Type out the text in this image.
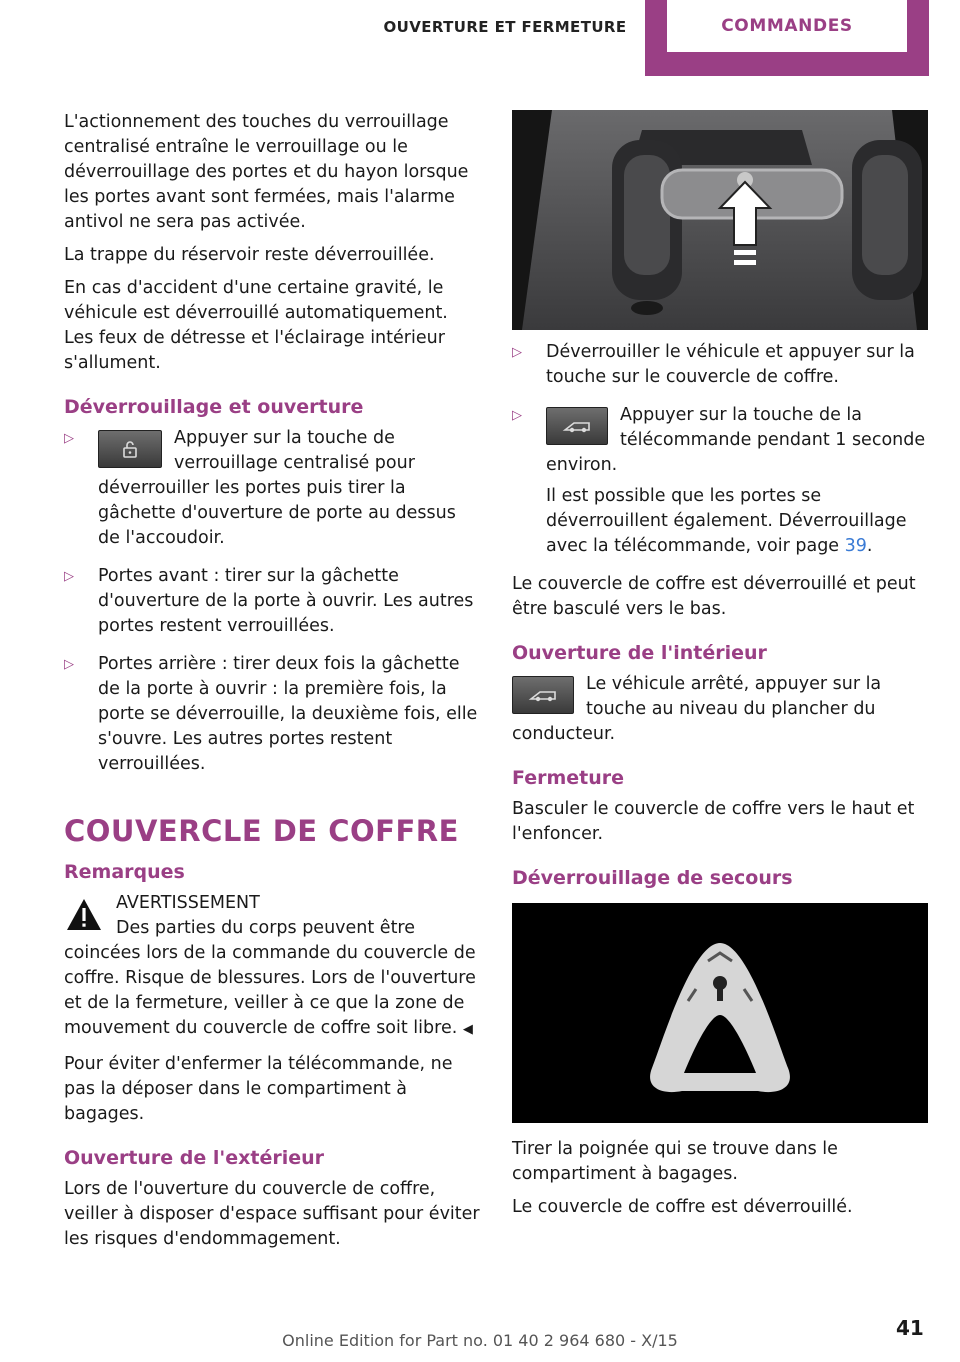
OUVERTURE ET FERMETURE	COMMANDES

L'actionnement des touches du verrouillage centralisé entraîne le verrouillage ou le déverrouillage des portes et du hayon lorsque les portes avant sont fermées, mais l'alarme antivol ne sera pas activée.

La trappe du réservoir reste déverrouillée.

En cas d'accident d'une certaine gravité, le véhicule est déverrouillé automatiquement. Les feux de détresse et l'éclairage intérieur s'allument.

Déverrouillage et ouverture
▷	Appuyer sur la touche de verrouillage centralisé pour déverrouiller les portes puis tirer la gâchette d'ouverture de porte au dessus de l'accoudoir.
▷ Portes avant : tirer sur la gâchette d'ouverture de la porte à ouvrir. Les autres portes restent verrouillées.
▷ Portes arrière : tirer deux fois la gâchette de la porte à ouvrir : la première fois, la porte se déverrouille, la deuxième fois, elle s'ouvre. Les autres portes restent verrouillées.
COUVERCLE DE COFFRE
Remarques
AVERTISSEMENT
Des parties du corps peuvent être coincées lors de la commande du couvercle de coffre. Risque de blessures. Lors de l'ouverture et de la fermeture, veiller à ce que la zone de mouvement du couvercle de coffre soit libre. ◀

Pour éviter d'enfermer la télécommande, ne pas la déposer dans le compartiment à bagages.

Ouverture de l'extérieur

Lors de l'ouverture du couvercle de coffre, veiller à disposer d'espace suffisant pour éviter les risques d'endommagement.

▷ Déverrouiller le véhicule et appuyer sur la touche sur le couvercle de coffre.
▷	Appuyer sur la touche de la télécommande pendant 1 seconde environ.

Il est possible que les portes se déverrouillent également. Déverrouillage avec la télécommande, voir page 39.

Le couvercle de coffre est déverrouillé et peut être basculé vers le bas.

Ouverture de l'intérieur
Le véhicule arrêté, appuyer sur la touche au niveau du plancher du conducteur.
Fermeture

Basculer le couvercle de coffre vers le haut et l'enfoncer.

Déverrouillage de secours

Tirer la poignée qui se trouve dans le compartiment à bagages.

Le couvercle de coffre est déverrouillé.

41
Online Edition for Part no. 01 40 2 964 680 - X/15
